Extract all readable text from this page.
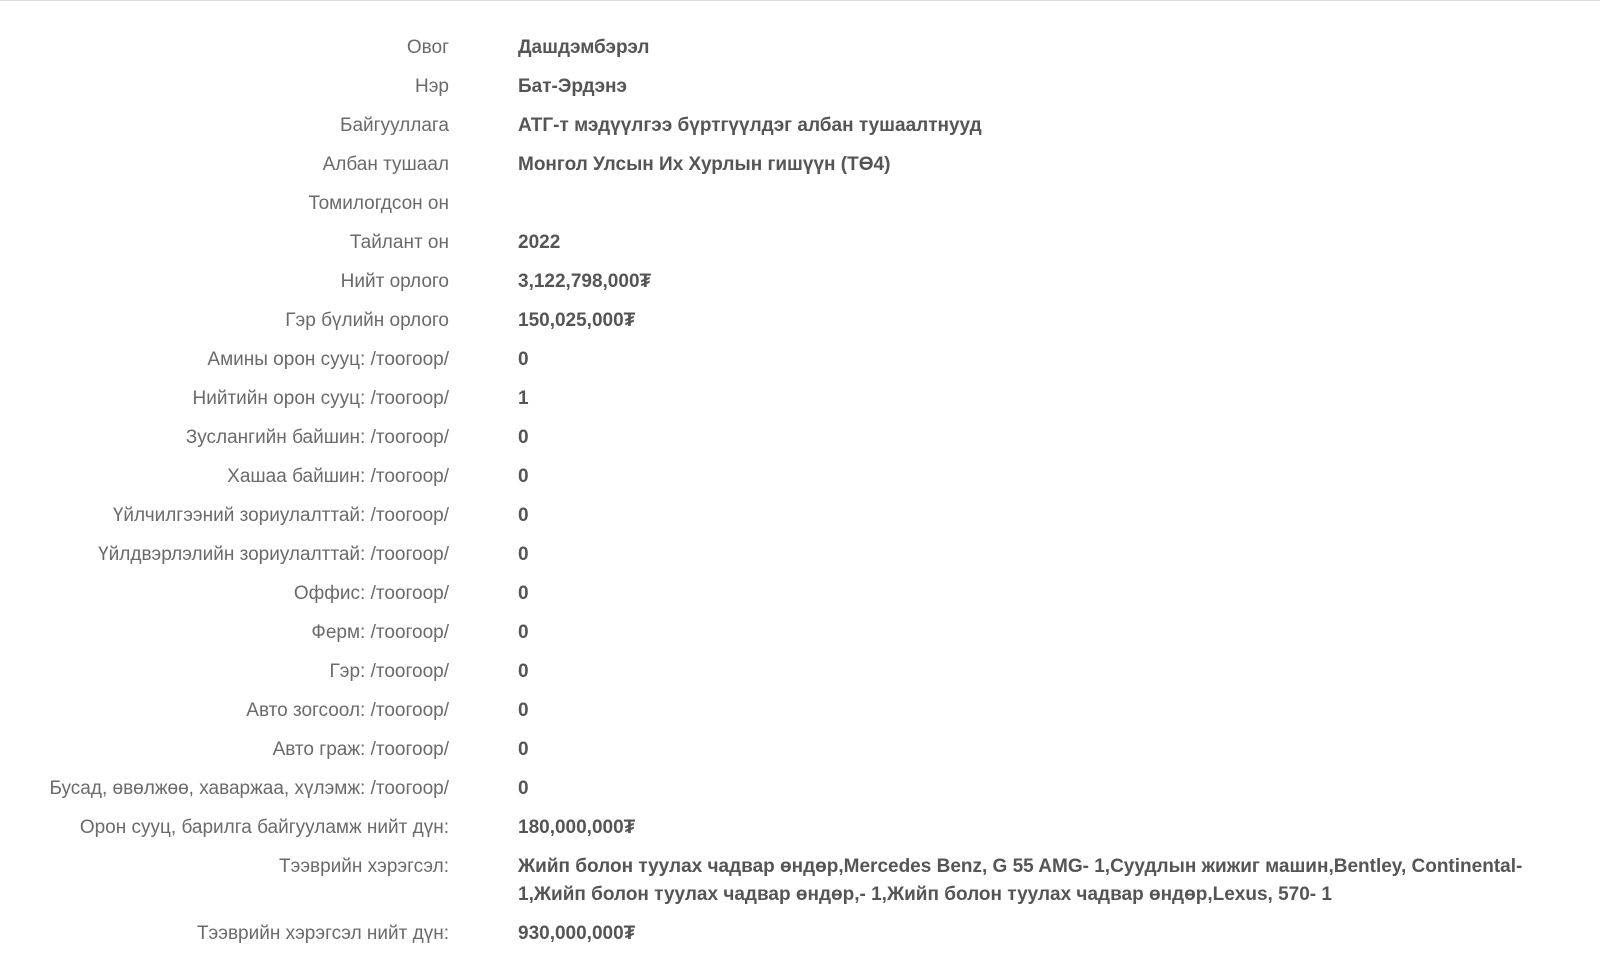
Овог	Дашдэмбэрэл
Нэр	Бат-Эрдэнэ
Байгууллага	АТГ-т мэдүүлгээ бүртгүүлдэг албан тушаалтнууд
Албан тушаал	Монгол Улсын Их Хурлын гишүүн (ТӨ4)
Томилогдсон он
Тайлант он	2022
Нийт орлого	3,122,798,000₮
Гэр бүлийн орлого	150,025,000₮
Амины орон сууц: /тоогоор/	0
Нийтийн орон сууц: /тоогоор/	1
Зуслангийн байшин: /тоогоор/	0
Хашаа байшин: /тоогоор/	0
Үйлчилгээний зориулалттай: /тоогоор/	0
Үйлдвэрлэлийн зориулалттай: /тоогоор/	0
Оффис: /тоогоор/	0
Ферм: /тоогоор/	0
Гэр: /тоогоор/	0
Авто зогсоол: /тоогоор/	0
Авто граж: /тоогоор/	0
Бусад, өвөлжөө, хаваржаа, хүлэмж: /тоогоор/	0
Орон сууц, барилга байгууламж нийт дүн:	180,000,000₮
Тээврийн хэрэгсэл:	Жийп болон туулах чадвар өндөр,Mercedes Benz, G 55 AMG- 1,Суудлын жижиг машин,Bentley, Continental-1,Жийп болон туулах чадвар өндөр,- 1,Жийп болон туулах чадвар өндөр,Lexus, 570- 1
Тээврийн хэрэгсэл нийт дүн:	930,000,000₮
